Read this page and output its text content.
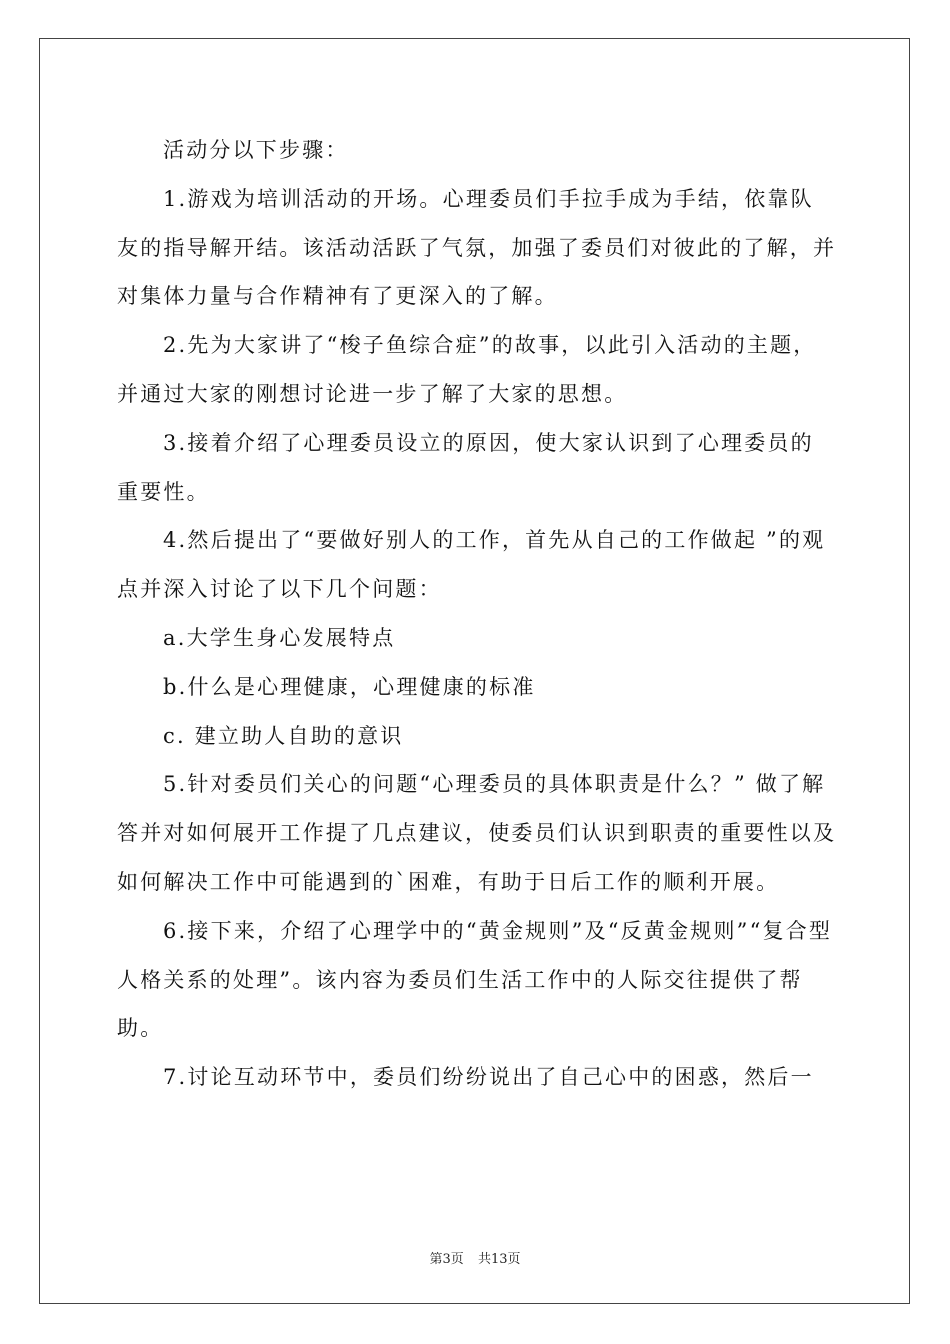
活动分以下步骤：

1.游戏为培训活动的开场。心理委员们手拉手成为手结，依靠队友的指导解开结。该活动活跃了气氛，加强了委员们对彼此的了解，并对集体力量与合作精神有了更深入的了解。

2.先为大家讲了“梭子鱼综合症”的故事，以此引入活动的主题，并通过大家的刚想讨论进一步了解了大家的思想。

3.接着介绍了心理委员设立的原因，使大家认识到了心理委员的重要性。

4.然后提出了“要做好别人的工作，首先从自己的工作做起 ”的观点并深入讨论了以下几个问题：

a.大学生身心发展特点

b.什么是心理健康，心理健康的标准

c. 建立助人自助的意识

5.针对委员们关心的问题“心理委员的具体职责是什么？” 做了解答并对如何展开工作提了几点建议，使委员们认识到职责的重要性以及如何解决工作中可能遇到的`困难，有助于日后工作的顺利开展。

6.接下来，介绍了心理学中的“黄金规则”及“反黄金规则”“复合型人格关系的处理”。该内容为委员们生活工作中的人际交往提供了帮助。

7.讨论互动环节中，委员们纷纷说出了自己心中的困惑，然后一

第3页 共13页
